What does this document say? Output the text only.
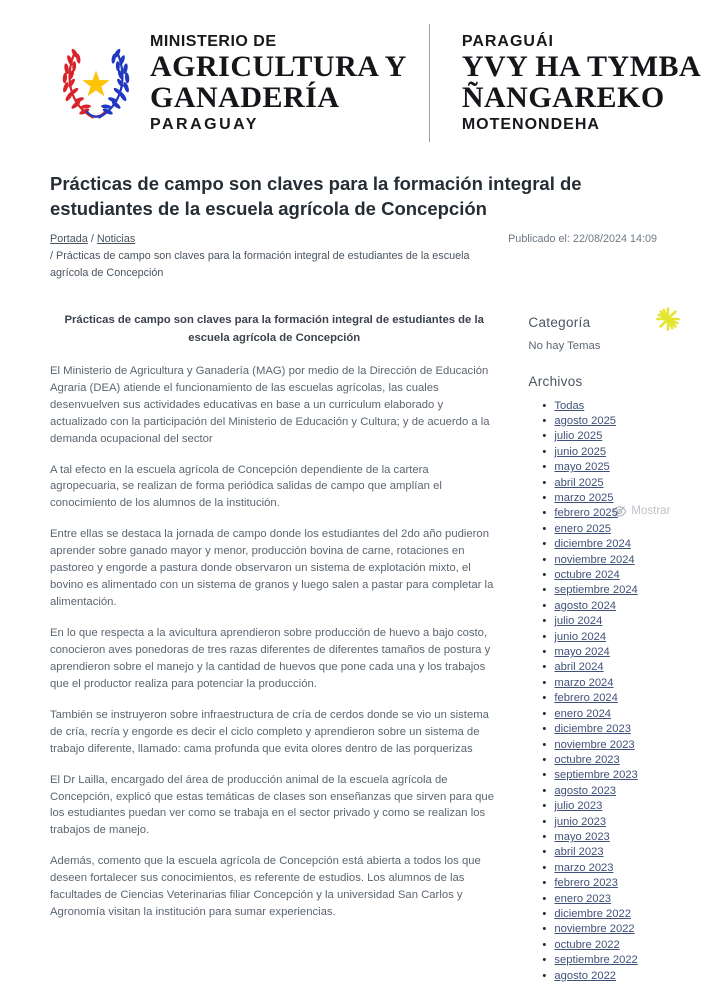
MINISTERIO DE
AGRICULTURA Y
GANADERÍA
PARAGUAY
PARAGUÁI
YVY HA TYMBA
ÑANGAREKO
MOTENONDEHA
Prácticas de campo son claves para la formación integral de estudiantes de la escuela agrícola de Concepción
Portada / Noticias
/ Prácticas de campo son claves para la formación integral de estudiantes de la escuela agrícola de Concepción
Publicado el: 22/08/2024 14:09
Prácticas de campo son claves para la formación integral de estudiantes de la escuela agrícola de Concepción

El Ministerio de Agricultura y Ganadería (MAG) por medio de la Dirección de Educación Agraria (DEA) atiende el funcionamiento de las escuelas agrícolas, las cuales desenvuelven sus actividades educativas en base a un curriculum elaborado y actualizado con la participación del Ministerio de Educación y Cultura; y de acuerdo a la demanda ocupacional del sector

A tal efecto en la escuela agrícola de Concepción dependiente de la cartera agropecuaria, se realizan de forma periódica salidas de campo que amplían el conocimiento de los alumnos de la institución.

Entre ellas se destaca la jornada de campo donde los estudiantes del 2do año pudieron aprender sobre ganado mayor y menor, producción bovina de carne, rotaciones en pastoreo y engorde a pastura donde observaron un sistema de explotación mixto, el bovino es alimentado con un sistema de granos y luego salen a pastar para completar la alimentación.

En lo que respecta a la avicultura aprendieron sobre producción de huevo a bajo costo, conocieron aves ponedoras de tres razas diferentes de diferentes tamaños de postura y aprendieron sobre el manejo y la cantidad de huevos que pone cada una y los trabajos que el productor realiza para potenciar la producción.

También se instruyeron sobre infraestructura de cría de cerdos donde se vio un sistema de cría, recría y engorde es decir el ciclo completo y aprendieron sobre un sistema de trabajo diferente, llamado: cama profunda que evita olores dentro de las porquerizas

El Dr Lailla, encargado del área de producción animal de la escuela agrícola de Concepción, explicó que estas temáticas de clases son enseñanzas que sirven para que los estudiantes puedan ver como se trabaja en el sector privado y como se realizan los trabajos de manejo.

Además, comento que la escuela agrícola de Concepción está abierta a todos los que deseen fortalecer sus conocimientos, es referente de estudios. Los alumnos de las facultades de Ciencias Veterinarias filiar Concepción y la universidad San Carlos y Agronomía visitan la institución para sumar experiencias.

Categoría
No hay Temas
Archivos
Mostrar
• Todas
• agosto 2025
• julio 2025
• junio 2025
• mayo 2025
• abril 2025
• marzo 2025
• febrero 2025
• enero 2025
• diciembre 2024
• noviembre 2024
• octubre 2024
• septiembre 2024
• agosto 2024
• julio 2024
• junio 2024
• mayo 2024
• abril 2024
• marzo 2024
• febrero 2024
• enero 2024
• diciembre 2023
• noviembre 2023
• octubre 2023
• septiembre 2023
• agosto 2023
• julio 2023
• junio 2023
• mayo 2023
• abril 2023
• marzo 2023
• febrero 2023
• enero 2023
• diciembre 2022
• noviembre 2022
• octubre 2022
• septiembre 2022
• agosto 2022
